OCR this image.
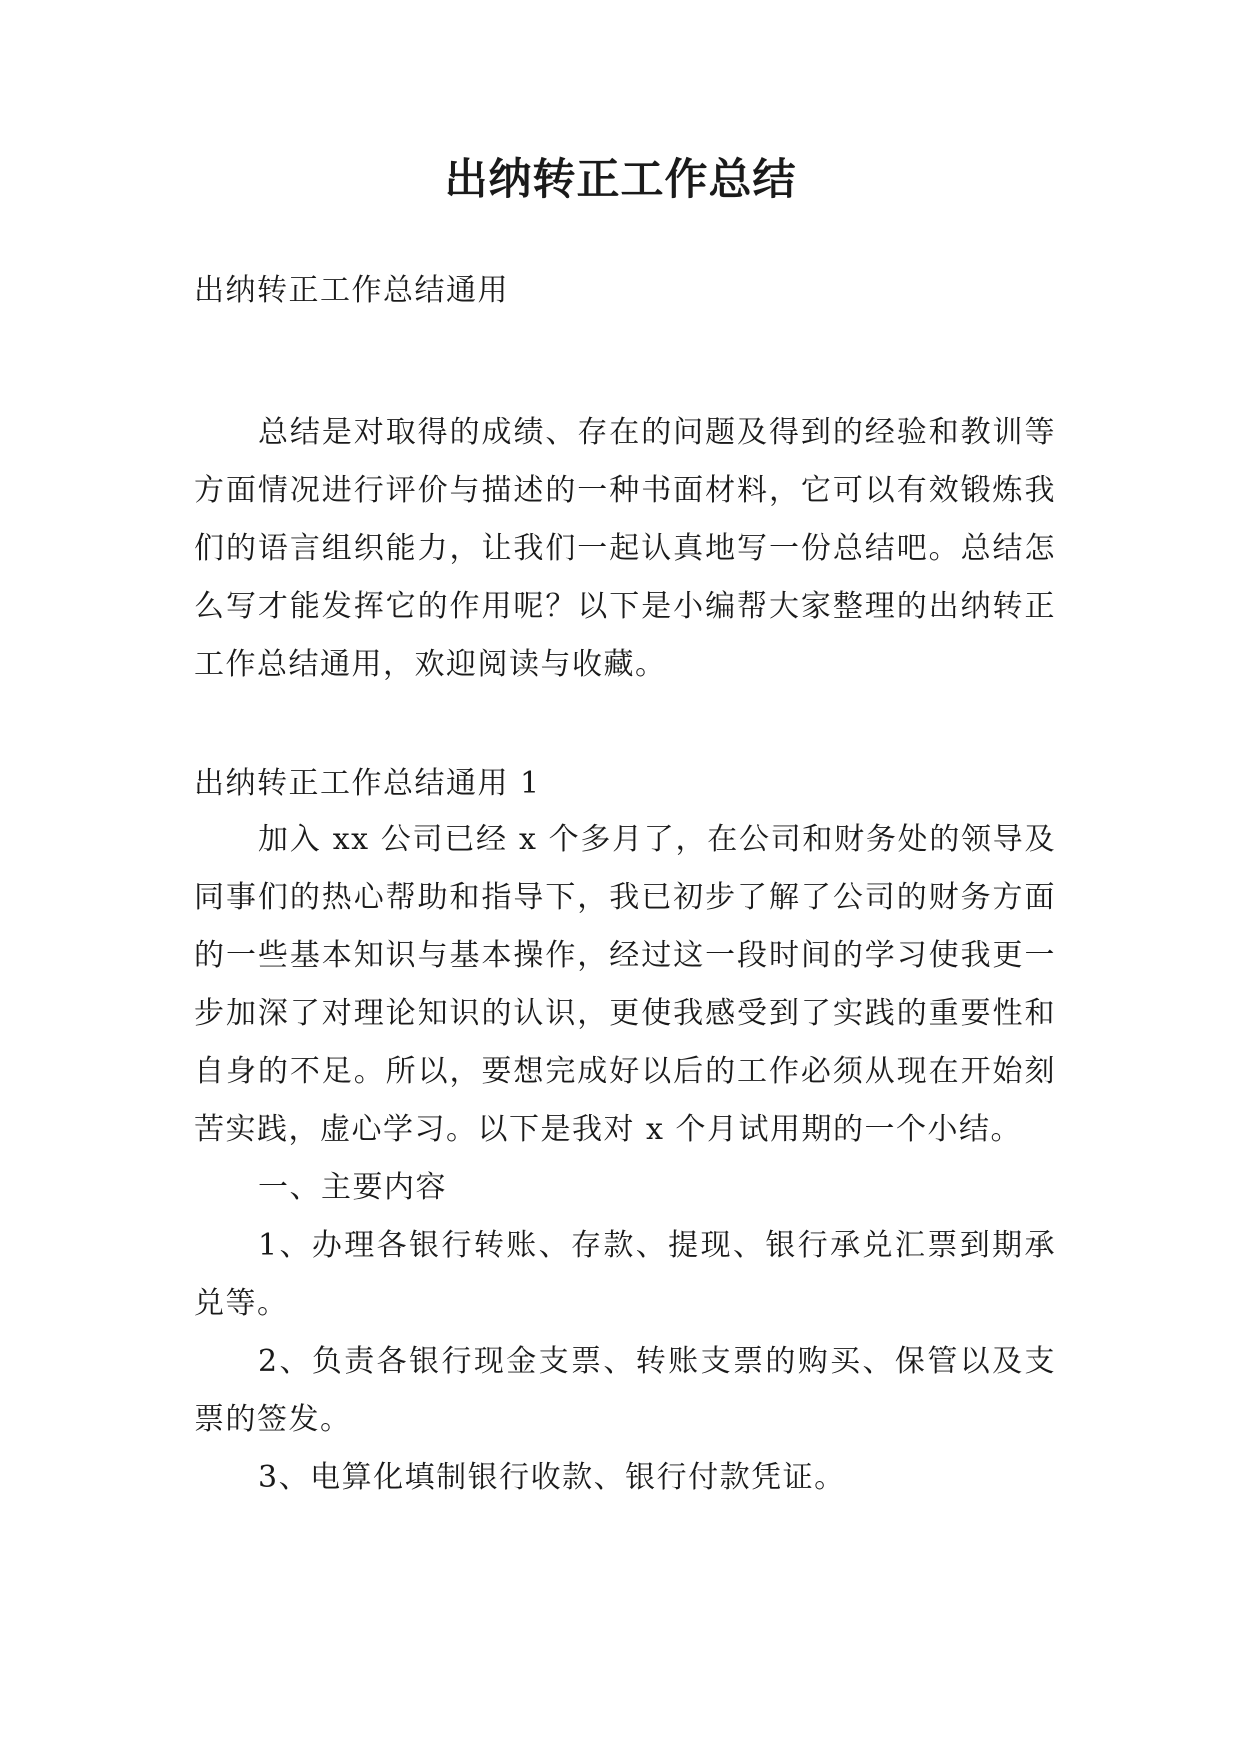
出纳转正工作总结

出纳转正工作总结通用

总结是对取得的成绩、存在的问题及得到的经验和教训等方面情况进行评价与描述的一种书面材料，它可以有效锻炼我们的语言组织能力，让我们一起认真地写一份总结吧。总结怎么写才能发挥它的作用呢？以下是小编帮大家整理的出纳转正工作总结通用，欢迎阅读与收藏。

出纳转正工作总结通用 1

加入 xx 公司已经 x 个多月了，在公司和财务处的领导及同事们的热心帮助和指导下，我已初步了解了公司的财务方面的一些基本知识与基本操作，经过这一段时间的学习使我更一步加深了对理论知识的认识，更使我感受到了实践的重要性和自身的不足。所以，要想完成好以后的工作必须从现在开始刻苦实践，虚心学习。以下是我对 x 个月试用期的一个小结。

一、主要内容

1、办理各银行转账、存款、提现、银行承兑汇票到期承兑等。

2、负责各银行现金支票、转账支票的购买、保管以及支票的签发。

3、电算化填制银行收款、银行付款凭证。
